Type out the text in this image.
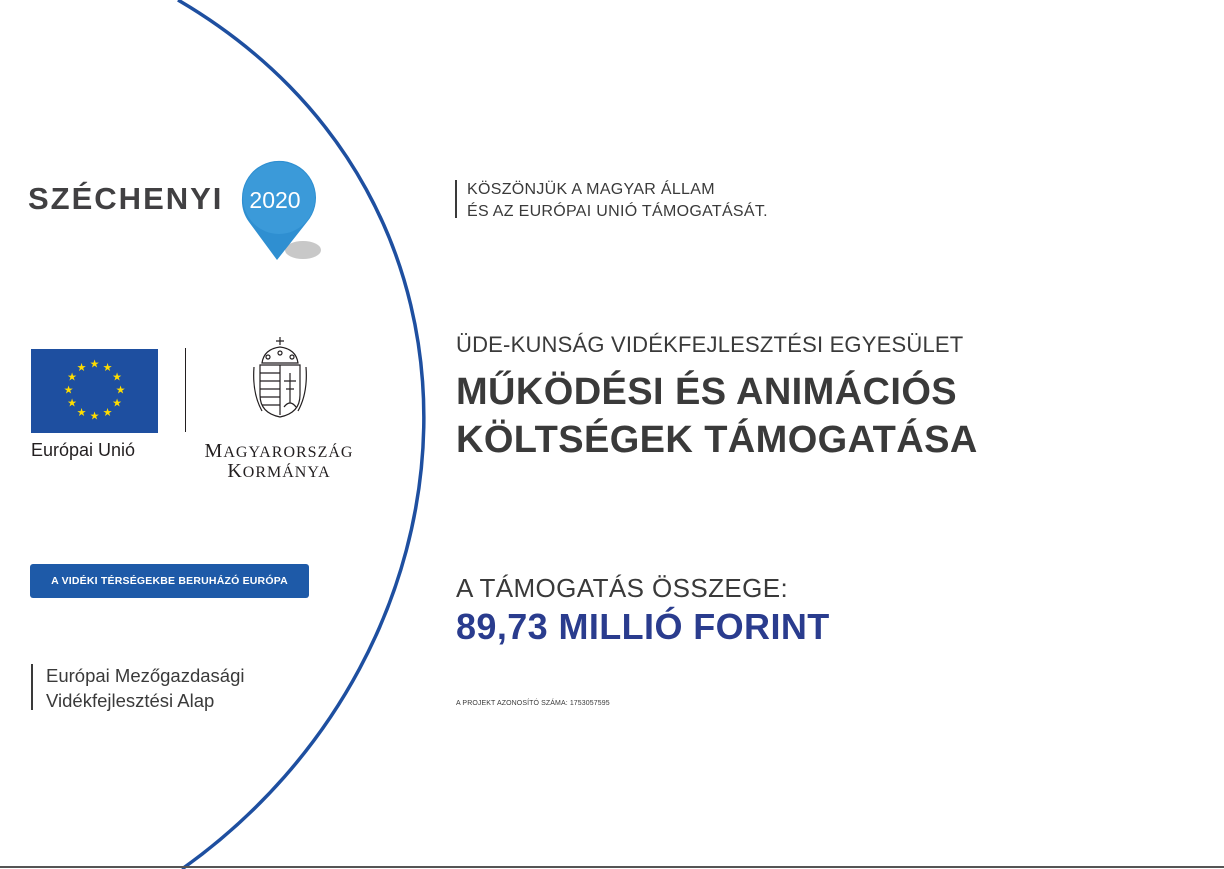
SZÉCHENYI	2020
★ ★
★
★
★
★
★
★
★
★
★
★
Európai Unió	MAGYARORSZÁG
KORMÁNYA
A VIDÉKI TÉRSÉGEKBE BERUHÁZÓ EURÓPA
Európai Mezőgazdasági
Vidékfejlesztési Alap
KÖSZÖNJÜK A MAGYAR ÁLLAM
ÉS AZ EURÓPAI UNIÓ TÁMOGATÁSÁT.
ÜDE-KUNSÁG VIDÉKFEJLESZTÉSI EGYESÜLET
MŰKÖDÉSI ÉS ANIMÁCIÓS
KÖLTSÉGEK TÁMOGATÁSA
A TÁMOGATÁS ÖSSZEGE:
89,73 MILLIÓ FORINT
A PROJEKT AZONOSÍTÓ SZÁMA: 1753057595
